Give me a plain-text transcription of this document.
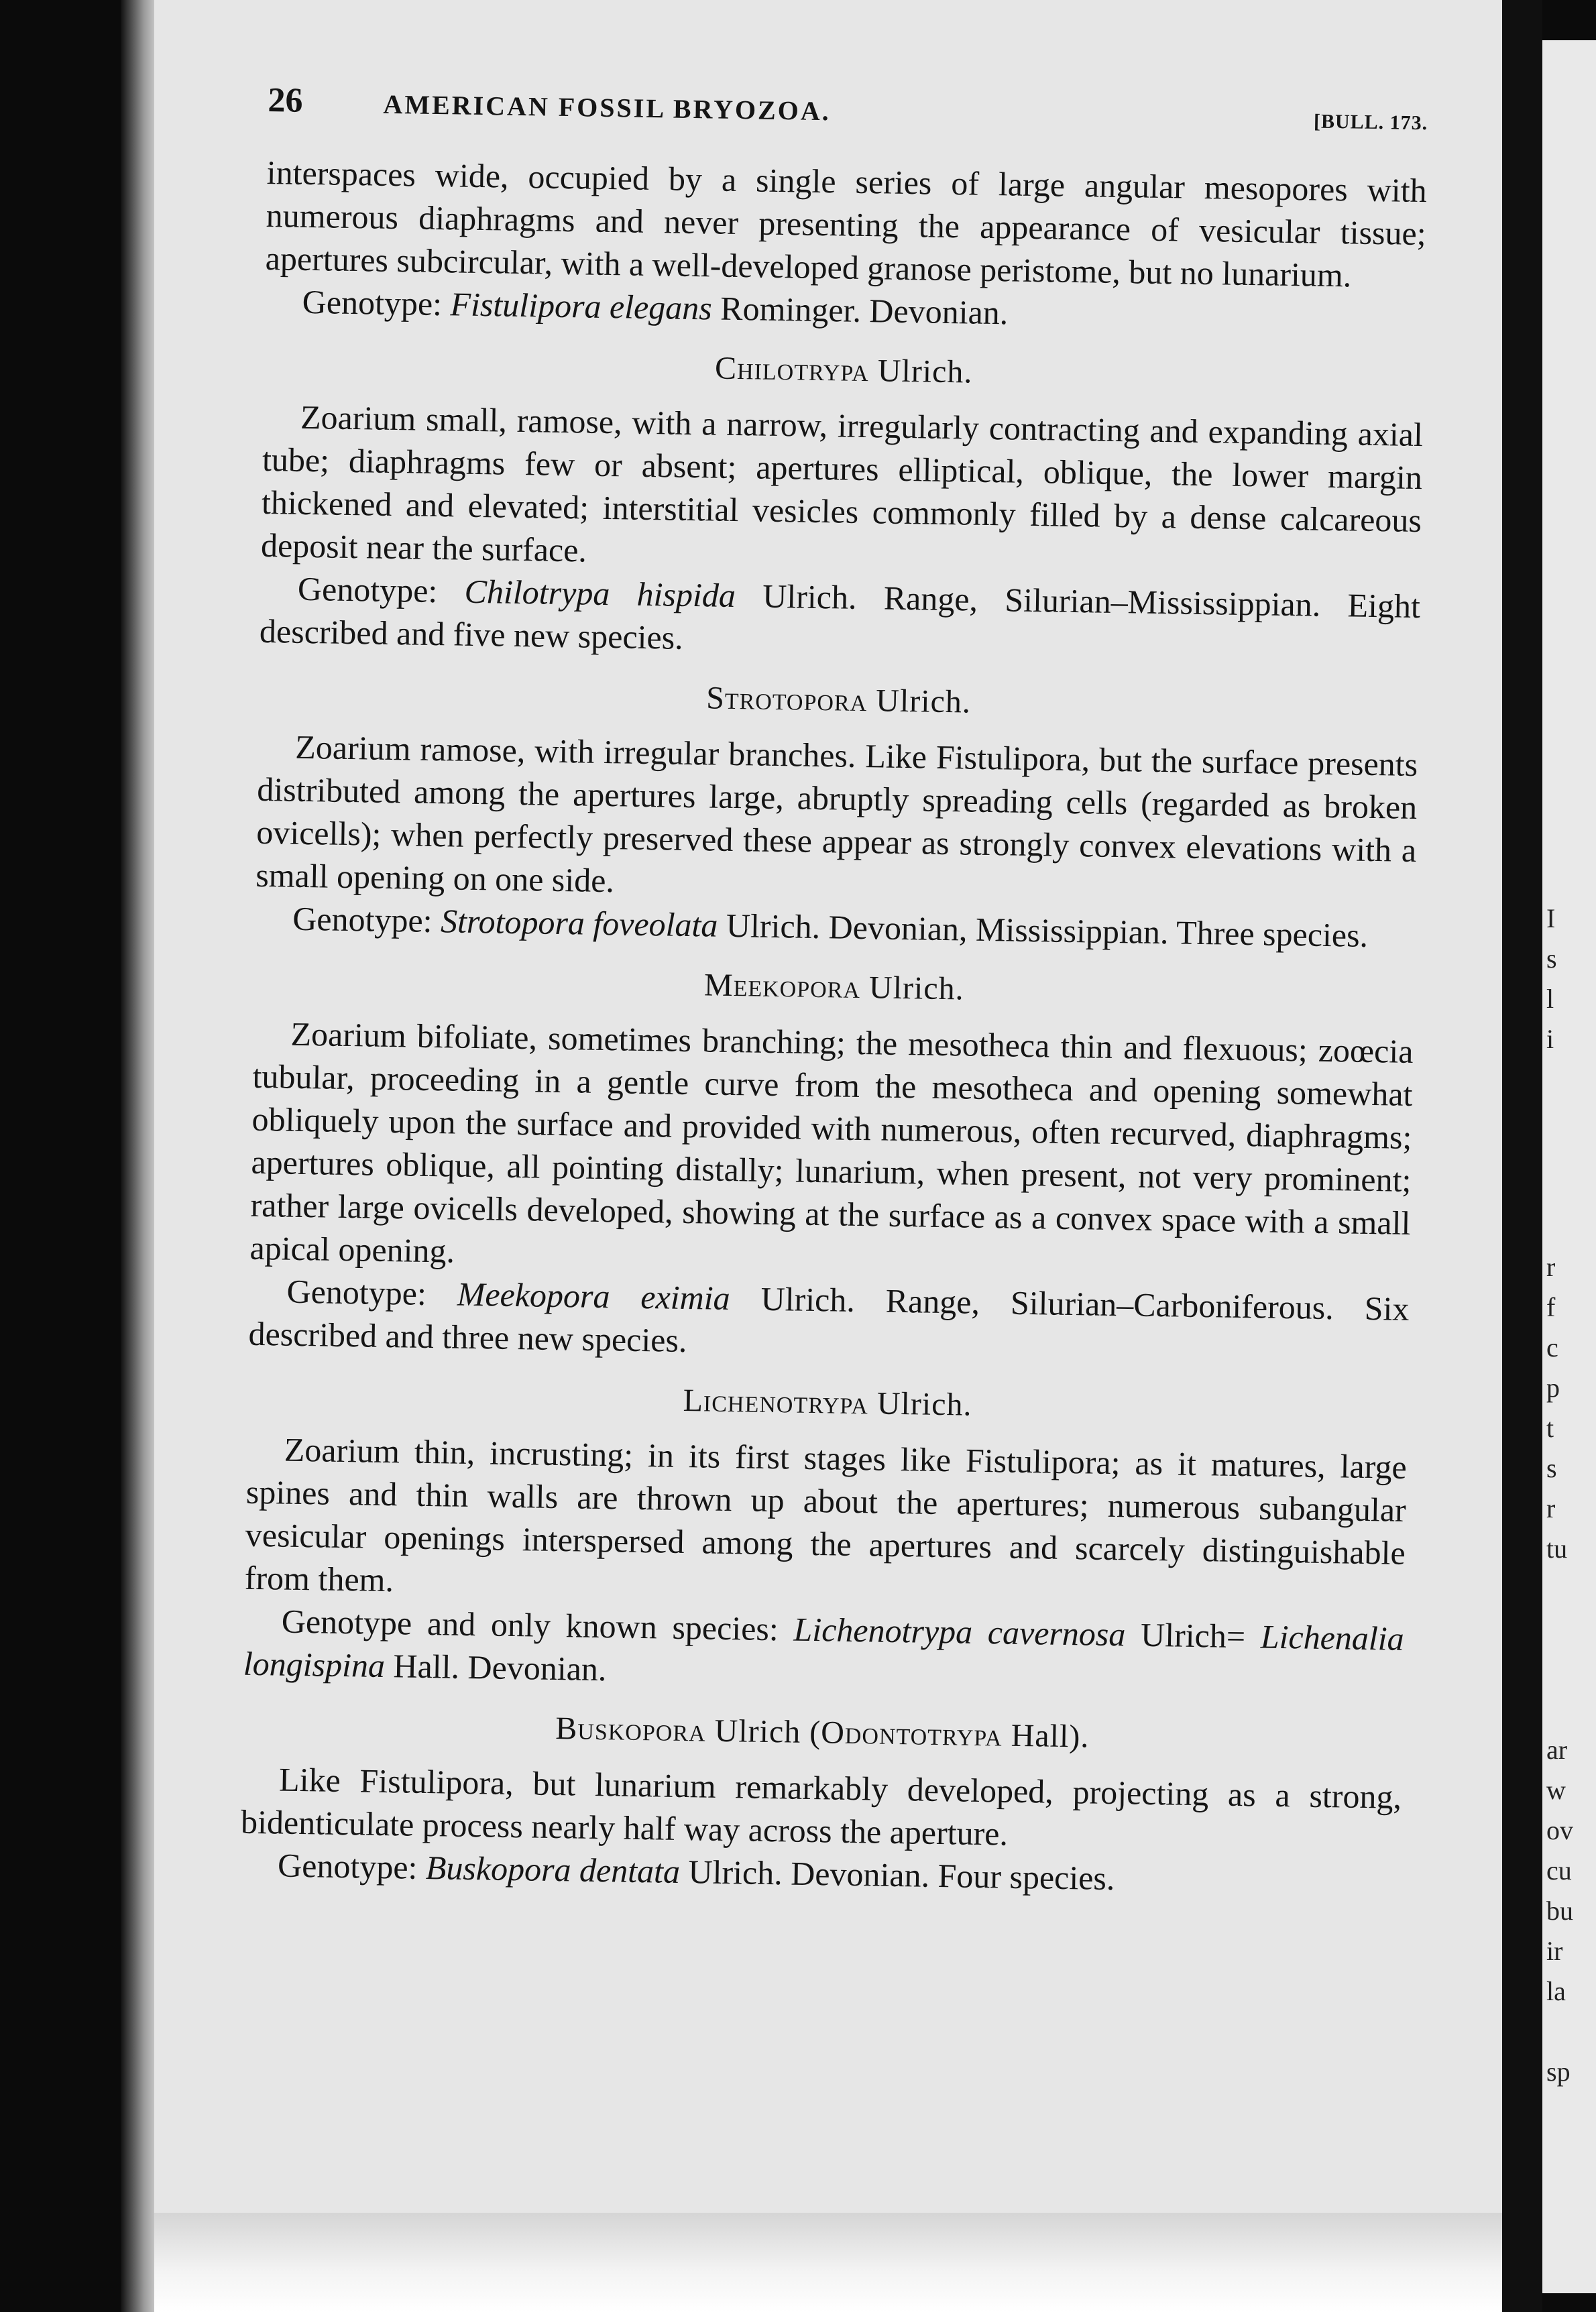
I
s
l
i
r
f
c
p
t
s
r
tu
ar
w
ov
cu
bu
ir
la
sp
26	AMERICAN FOSSIL BRYOZOA.	[BULL. 173.

interspaces wide, occupied by a single series of large angular mesopores with numerous diaphragms and never presenting the appearance of vesicular tissue; apertures subcircular, with a well-developed granose peristome, but no lunarium.

Genotype: Fistulipora elegans Rominger. Devonian.

Chilotrypa Ulrich.

Zoarium small, ramose, with a narrow, irregularly contracting and expanding axial tube; diaphragms few or absent; apertures elliptical, oblique, the lower margin thickened and elevated; interstitial vesicles commonly filled by a dense calcareous deposit near the surface.

Genotype: Chilotrypa hispida Ulrich. Range, Silurian–Mississippian. Eight described and five new species.

Strotopora Ulrich.

Zoarium ramose, with irregular branches. Like Fistulipora, but the surface presents distributed among the apertures large, abruptly spreading cells (regarded as broken ovicells); when perfectly preserved these appear as strongly convex elevations with a small opening on one side.

Genotype: Strotopora foveolata Ulrich. Devonian, Mississippian. Three species.

Meekopora Ulrich.

Zoarium bifoliate, sometimes branching; the mesotheca thin and flexuous; zoœcia tubular, proceeding in a gentle curve from the mesotheca and opening somewhat obliquely upon the surface and provided with numerous, often recurved, diaphragms; apertures oblique, all pointing distally; lunarium, when present, not very prominent; rather large ovicells developed, showing at the surface as a convex space with a small apical opening.

Genotype: Meekopora eximia Ulrich. Range, Silurian–Carboniferous. Six described and three new species.

Lichenotrypa Ulrich.

Zoarium thin, incrusting; in its first stages like Fistulipora; as it matures, large spines and thin walls are thrown up about the apertures; numerous subangular vesicular openings interspersed among the apertures and scarcely distinguishable from them.

Genotype and only known species: Lichenotrypa cavernosa Ulrich= Lichenalia longispina Hall. Devonian.

Buskopora Ulrich (Odontotrypa Hall).

Like Fistulipora, but lunarium remarkably developed, projecting as a strong, bidenticulate process nearly half way across the aperture.

Genotype: Buskopora dentata Ulrich. Devonian. Four species.
